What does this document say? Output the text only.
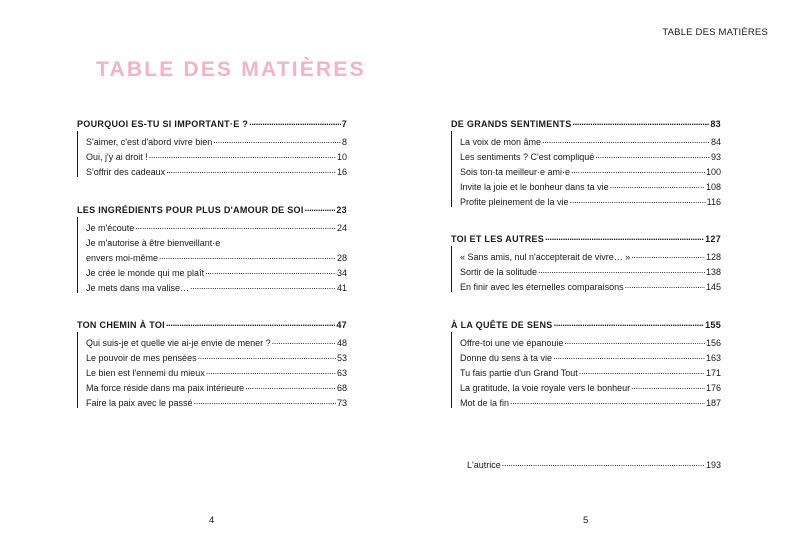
TABLE DES MATIÈRES
POURQUOI ES-TU SI IMPORTANT·E ? . . .	7
S'aimer, c'est d'abord vivre bien . . .	8
Oui, j'y ai droit ! . . .	10
S'offrir des cadeaux . . .	16
LES INGRÉDIENTS POUR PLUS D'AMOUR DE SOI . . .	23
Je m'écoute . . .	24
Je m'autorise à être bienveillant·e
envers moi-même . . .	28
Je crée le monde qui me plaît . . .	34
Je mets dans ma valise… . . .	41
TON CHEMIN À TOI . . .	47
Qui suis-je et quelle vie ai-je envie de mener ? . . .	48
Le pouvoir de mes pensées . . .	53
Le bien est l'ennemi du mieux . . .	63
Ma force réside dans ma paix intérieure . . .	68
Faire la paix avec le passé . . .	73
4
TABLE DES MATIÈRES
DE GRANDS SENTIMENTS . . .	83
La voix de mon âme . . .	84
Les sentiments ? C'est compliqué . . .	93
Sois ton·ta meilleur·e ami·e . . .	100
Invite la joie et le bonheur dans ta vie . . .	108
Profite pleinement de la vie . . .	116
TOI ET LES AUTRES . . .	127
« Sans amis, nul n'accepterait de vivre… » . . .	128
Sortir de la solitude . . .	138
En finir avec les éternelles comparaisons . . .	145
À LA QUÊTE DE SENS . . .	155
Offre-toi une vie épanouie . . .	156
Donne du sens à ta vie . . .	163
Tu fais partie d'un Grand Tout . . .	171
La gratitude, la voie royale vers le bonheur . . .	176
Mot de la fin . . .	187
L'autrice . . .	193
5
